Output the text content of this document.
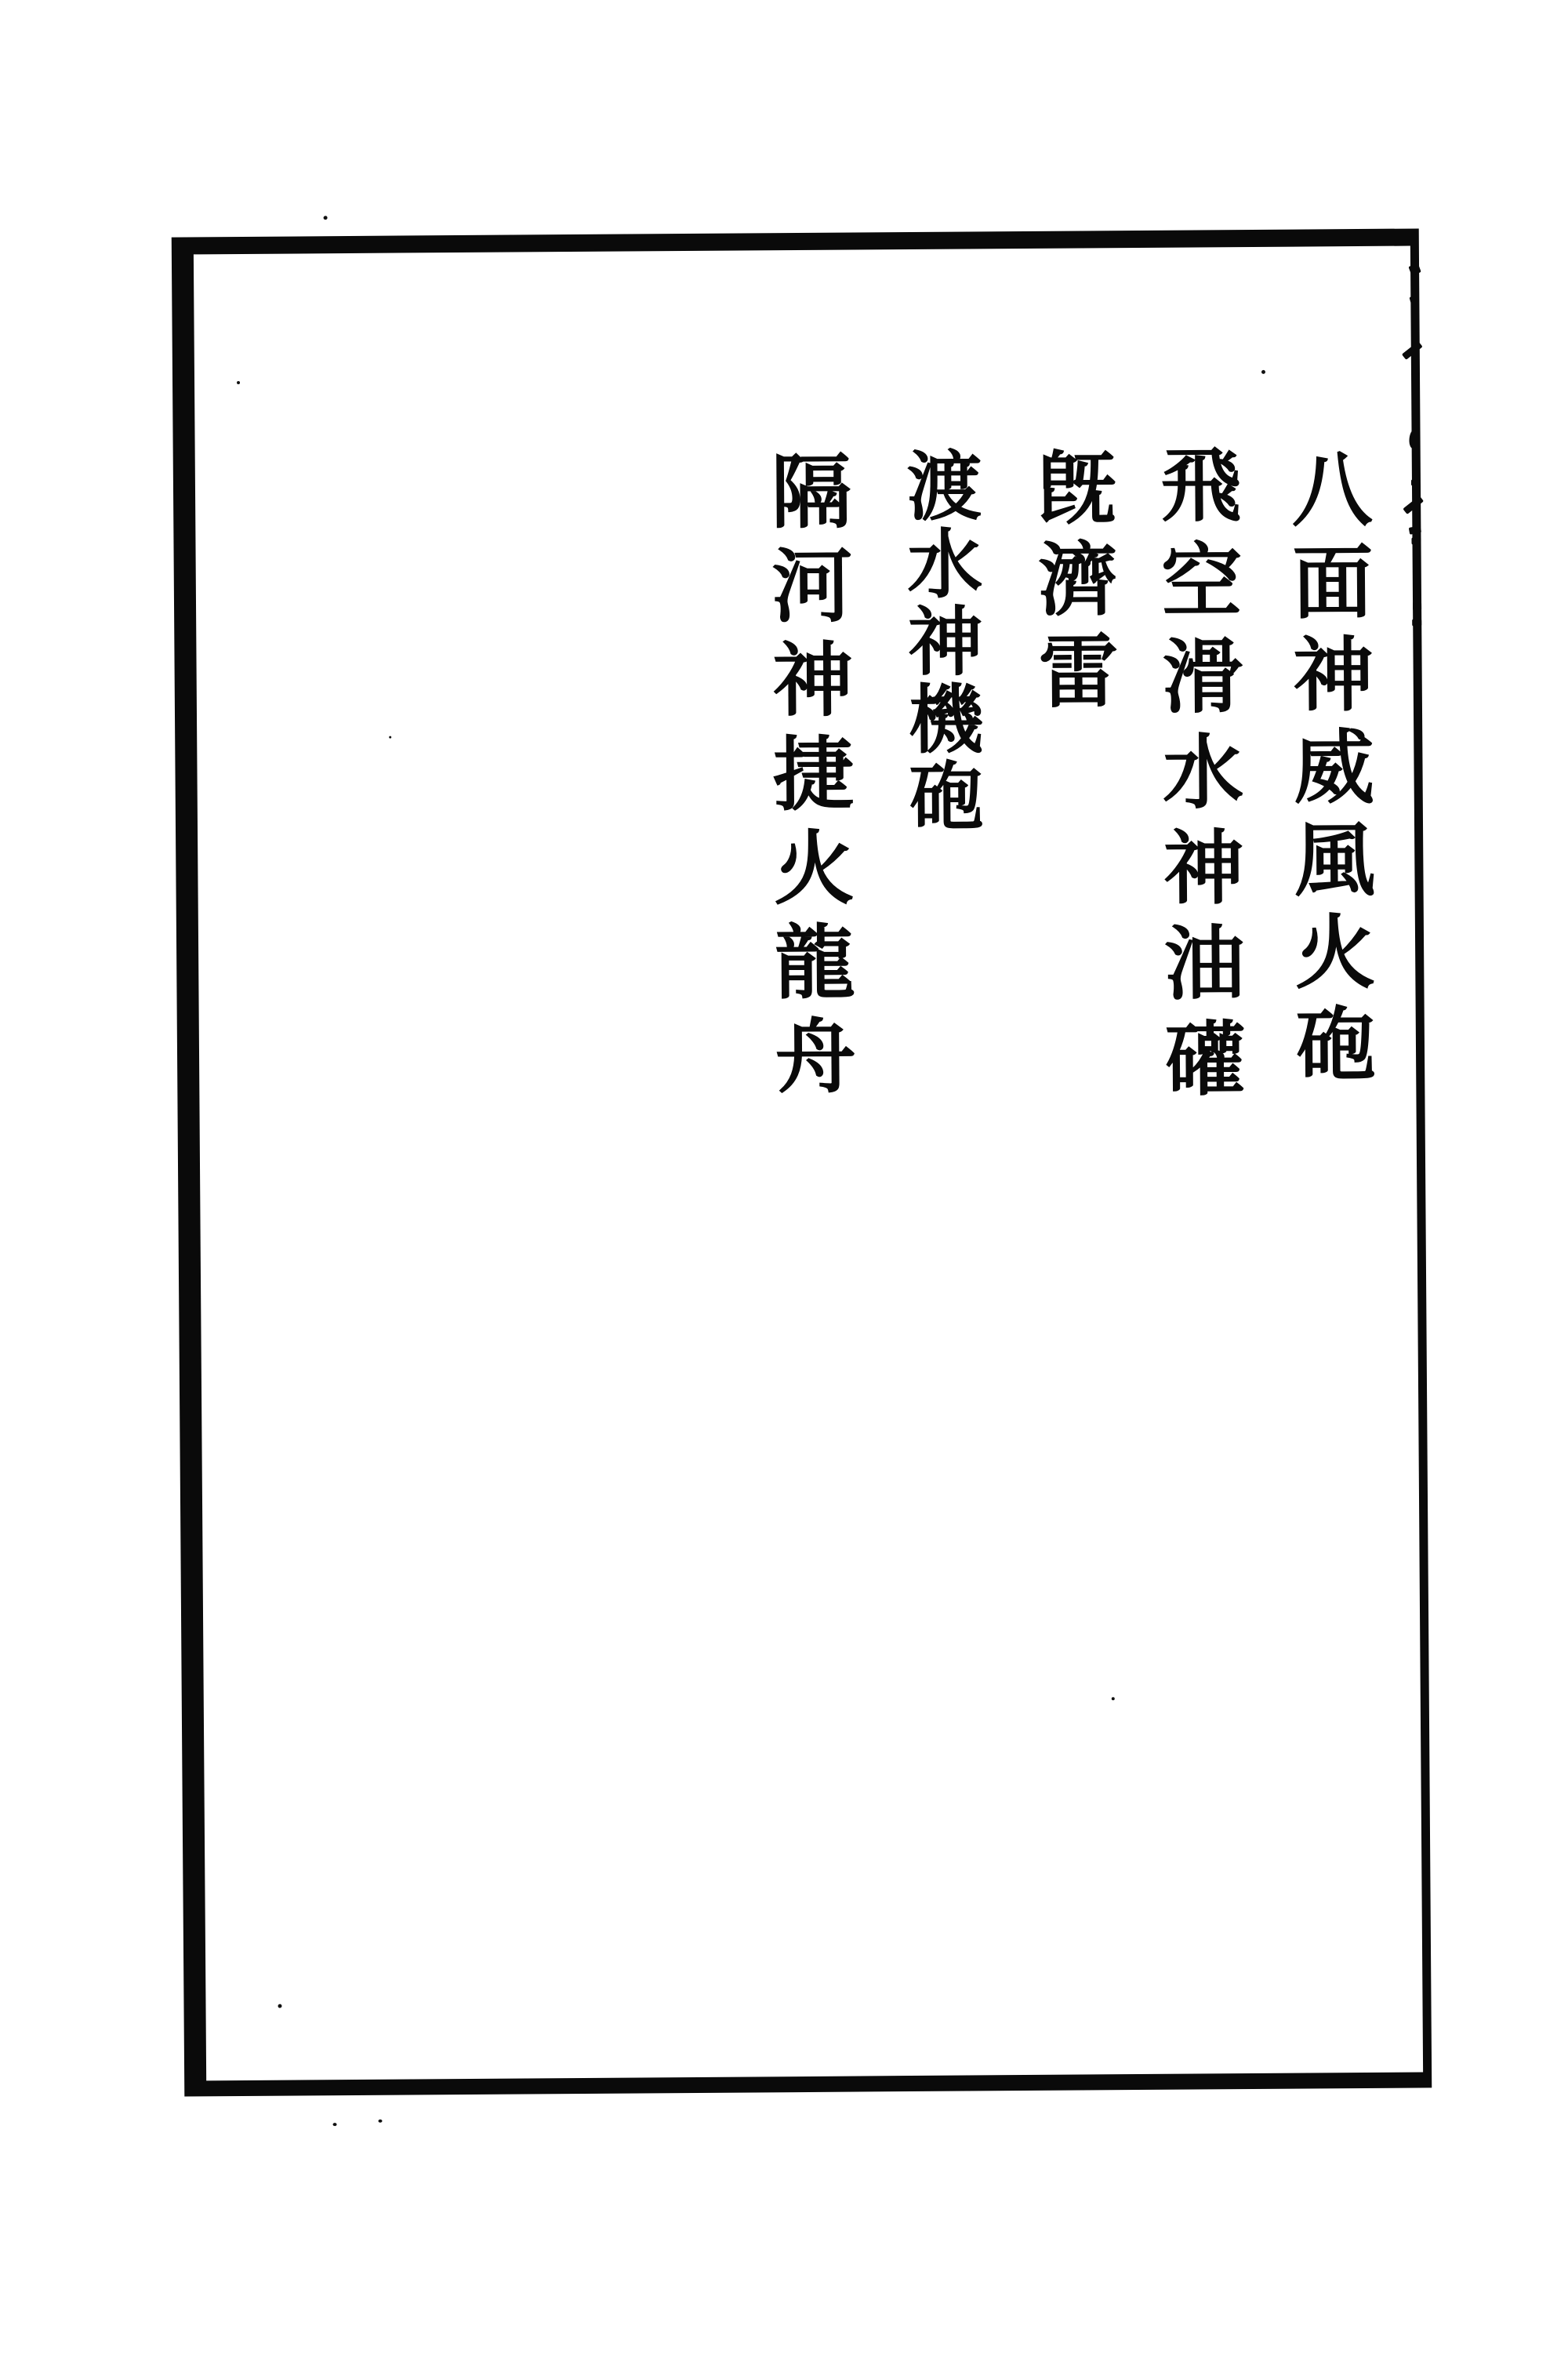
八面神威風火砲
飛空滑水神油礶
旣濟雷
渡水神機砲
隔河神捷火龍舟
